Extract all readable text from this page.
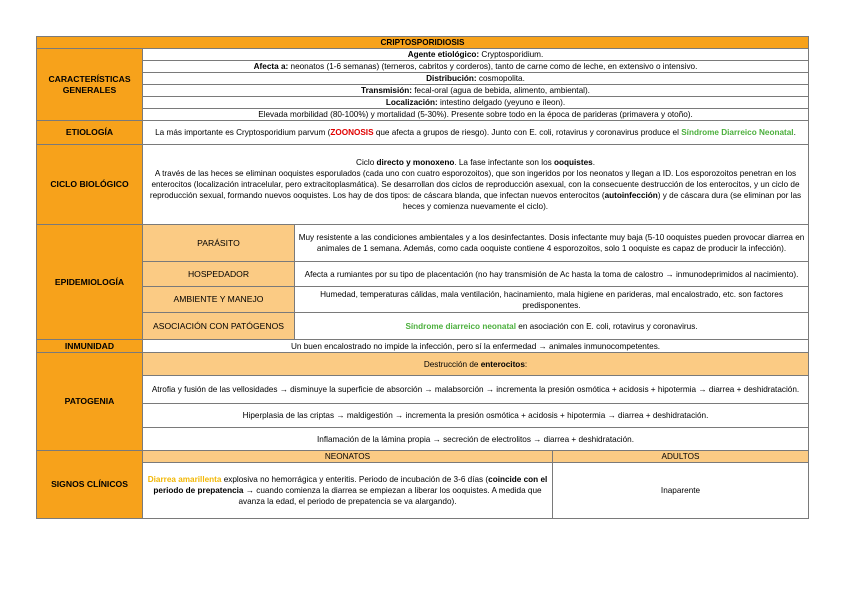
CRIPTOSPORIDIOSIS			
CARACTERÍSTICAS GENERALES	Agente etiológico: Cryptosporidium.		
	Afecta a: neonatos (1-6 semanas) (terneros, cabritos y corderos), tanto de carne como de leche, en extensivo o intensivo.		
	Distribución: cosmopolita.		
	Transmisión: fecal-oral (agua de bebida, alimento, ambiental).		
	Localización: intestino delgado (yeyuno e íleon).		
	Elevada morbilidad (80-100%) y mortalidad (5-30%). Presente sobre todo en la época de parideras (primavera y otoño).		
ETIOLOGÍA	La más importante es Cryptosporidium parvum (ZOONOSIS que afecta a grupos de riesgo). Junto con E. coli, rotavirus y coronavirus produce el Síndrome Diarreico Neonatal.		
CICLO BIOLÓGICO	Ciclo directo y monoxeno. La fase infectante son los ooquistes.
A través de las heces se eliminan ooquistes esporulados (cada uno con cuatro esporozoitos), que son ingeridos por los neonatos y llegan a ID. Los esporozoitos penetran en los enterocitos (localización intracelular, pero extracitoplasmática). Se desarrollan dos ciclos de reproducción asexual, con la consecuente destrucción de los enterocitos, y un ciclo de reproducción sexual, formando nuevos ooquistes. Los hay de dos tipos: de cáscara blanda, que infectan nuevos enterocitos (autoinfección) y de cáscara dura (se eliminan por las heces y comienza nuevamente el ciclo).		

EPIDEMIOLOGÍA	PARÁSITO	Muy resistente a las condiciones ambientales y a los desinfectantes. Dosis infectante muy baja (5-10 ooquistes pueden provocar diarrea en animales de 1 semana. Además, como cada ooquiste contiene 4 esporozoitos, solo 1 ooquiste es capaz de producir la infección).	
	HOSPEDADOR	Afecta a rumiantes por su tipo de placentación (no hay transmisión de Ac hasta la toma de calostro → inmunodeprimidos al nacimiento).	
	AMBIENTE Y MANEJO	Humedad, temperaturas cálidas, mala ventilación, hacinamiento, mala higiene en parideras, mal encalostrado, etc. son factores predisponentes.	
	ASOCIACIÓN CON PATÓGENOS	Síndrome diarreico neonatal en asociación con E. coli, rotavirus y coronavirus.	
INMUNIDAD	Un buen encalostrado no impide la infección, pero sí la enfermedad → animales inmunocompetentes.		
PATOGENIA	Destrucción de enterocitos:		
	Atrofia y fusión de las vellosidades → disminuye la superficie de absorción → malabsorción → incrementa la presión osmótica + acidosis + hipotermia → diarrea + deshidratación.		
	Hiperplasia de las criptas → maldigestión → incrementa la presión osmótica + acidosis + hipotermia → diarrea + deshidratación.		
	Inflamación de la lámina propia → secreción de electrolitos → diarrea + deshidratación.		
SIGNOS CLÍNICOS	NEONATOS		ADULTOS
	Diarrea amarillenta explosiva no hemorrágica y enteritis. Periodo de incubación de 3-6 días (coincide con el periodo de prepatencia → cuando comienza la diarrea se empiezan a liberar los ooquistes. A medida que avanza la edad, el periodo de prepatencia se va alargando).		Inaparente
